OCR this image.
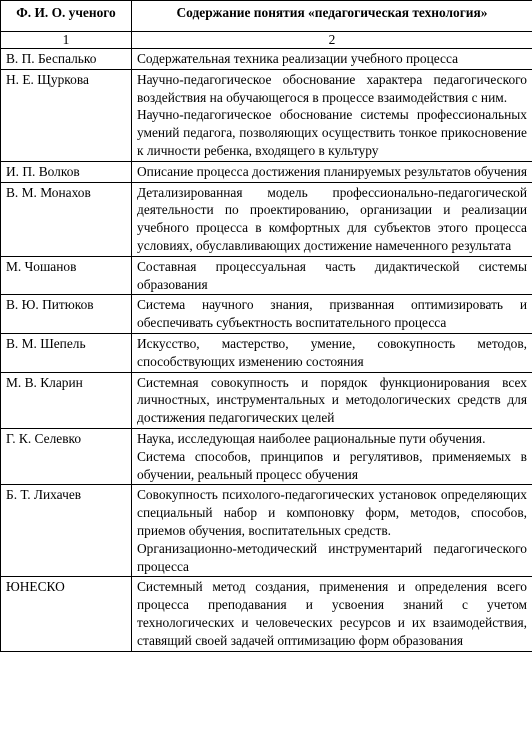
Ф. И. О. ученого	Содержание понятия «педагогическая технология»
1	2
В. П. Беспалько	Содержательная техника реализации учебного процесса

Н. Е. Щуркова	Научно-педагогическое обоснование характера педагогического воздействия на обучающегося в процессе взаимодействия с ним.

Научно-педагогическое обоснование системы профессиональных умений педагога, позволяющих осуществить тонкое прикосновение к личности ребенка, входящего в культуру

И. П. Волков	Описание процесса достижения планируемых результатов обучения

В. М. Монахов	Детализированная модель профессионально-педагогической деятельности по проектированию, организации и реализации учебного процесса в комфортных для субъектов этого процесса условиях, обуславливающих достижение намеченного результата

М. Чошанов	Составная процессуальная часть дидактической системы образования

В. Ю. Питюков	Система научного знания, призванная оптимизировать и обеспечивать субъектность воспитательного процесса

В. М. Шепель	Искусство, мастерство, умение, совокупность методов, способствующих изменению состояния

М. В. Кларин	Системная совокупность и порядок функционирования всех личностных, инструментальных и методологических средств для достижения педагогических целей

Г. К. Селевко	Наука, исследующая наиболее рациональные пути обучения.

Система способов, принципов и регулятивов, применяемых в обучении, реальный процесс обучения

Б. Т. Лихачев	Совокупность психолого-педагогических установок определяющих специальный набор и компоновку форм, методов, способов, приемов обучения, воспитательных средств.

Организационно-методический инструментарий педагогического процесса

ЮНЕСКО	Системный метод создания, применения и определения всего процесса преподавания и усвоения знаний с учетом технологических и человеческих ресурсов и их взаимодействия, ставящий своей задачей оптимизацию форм образования
